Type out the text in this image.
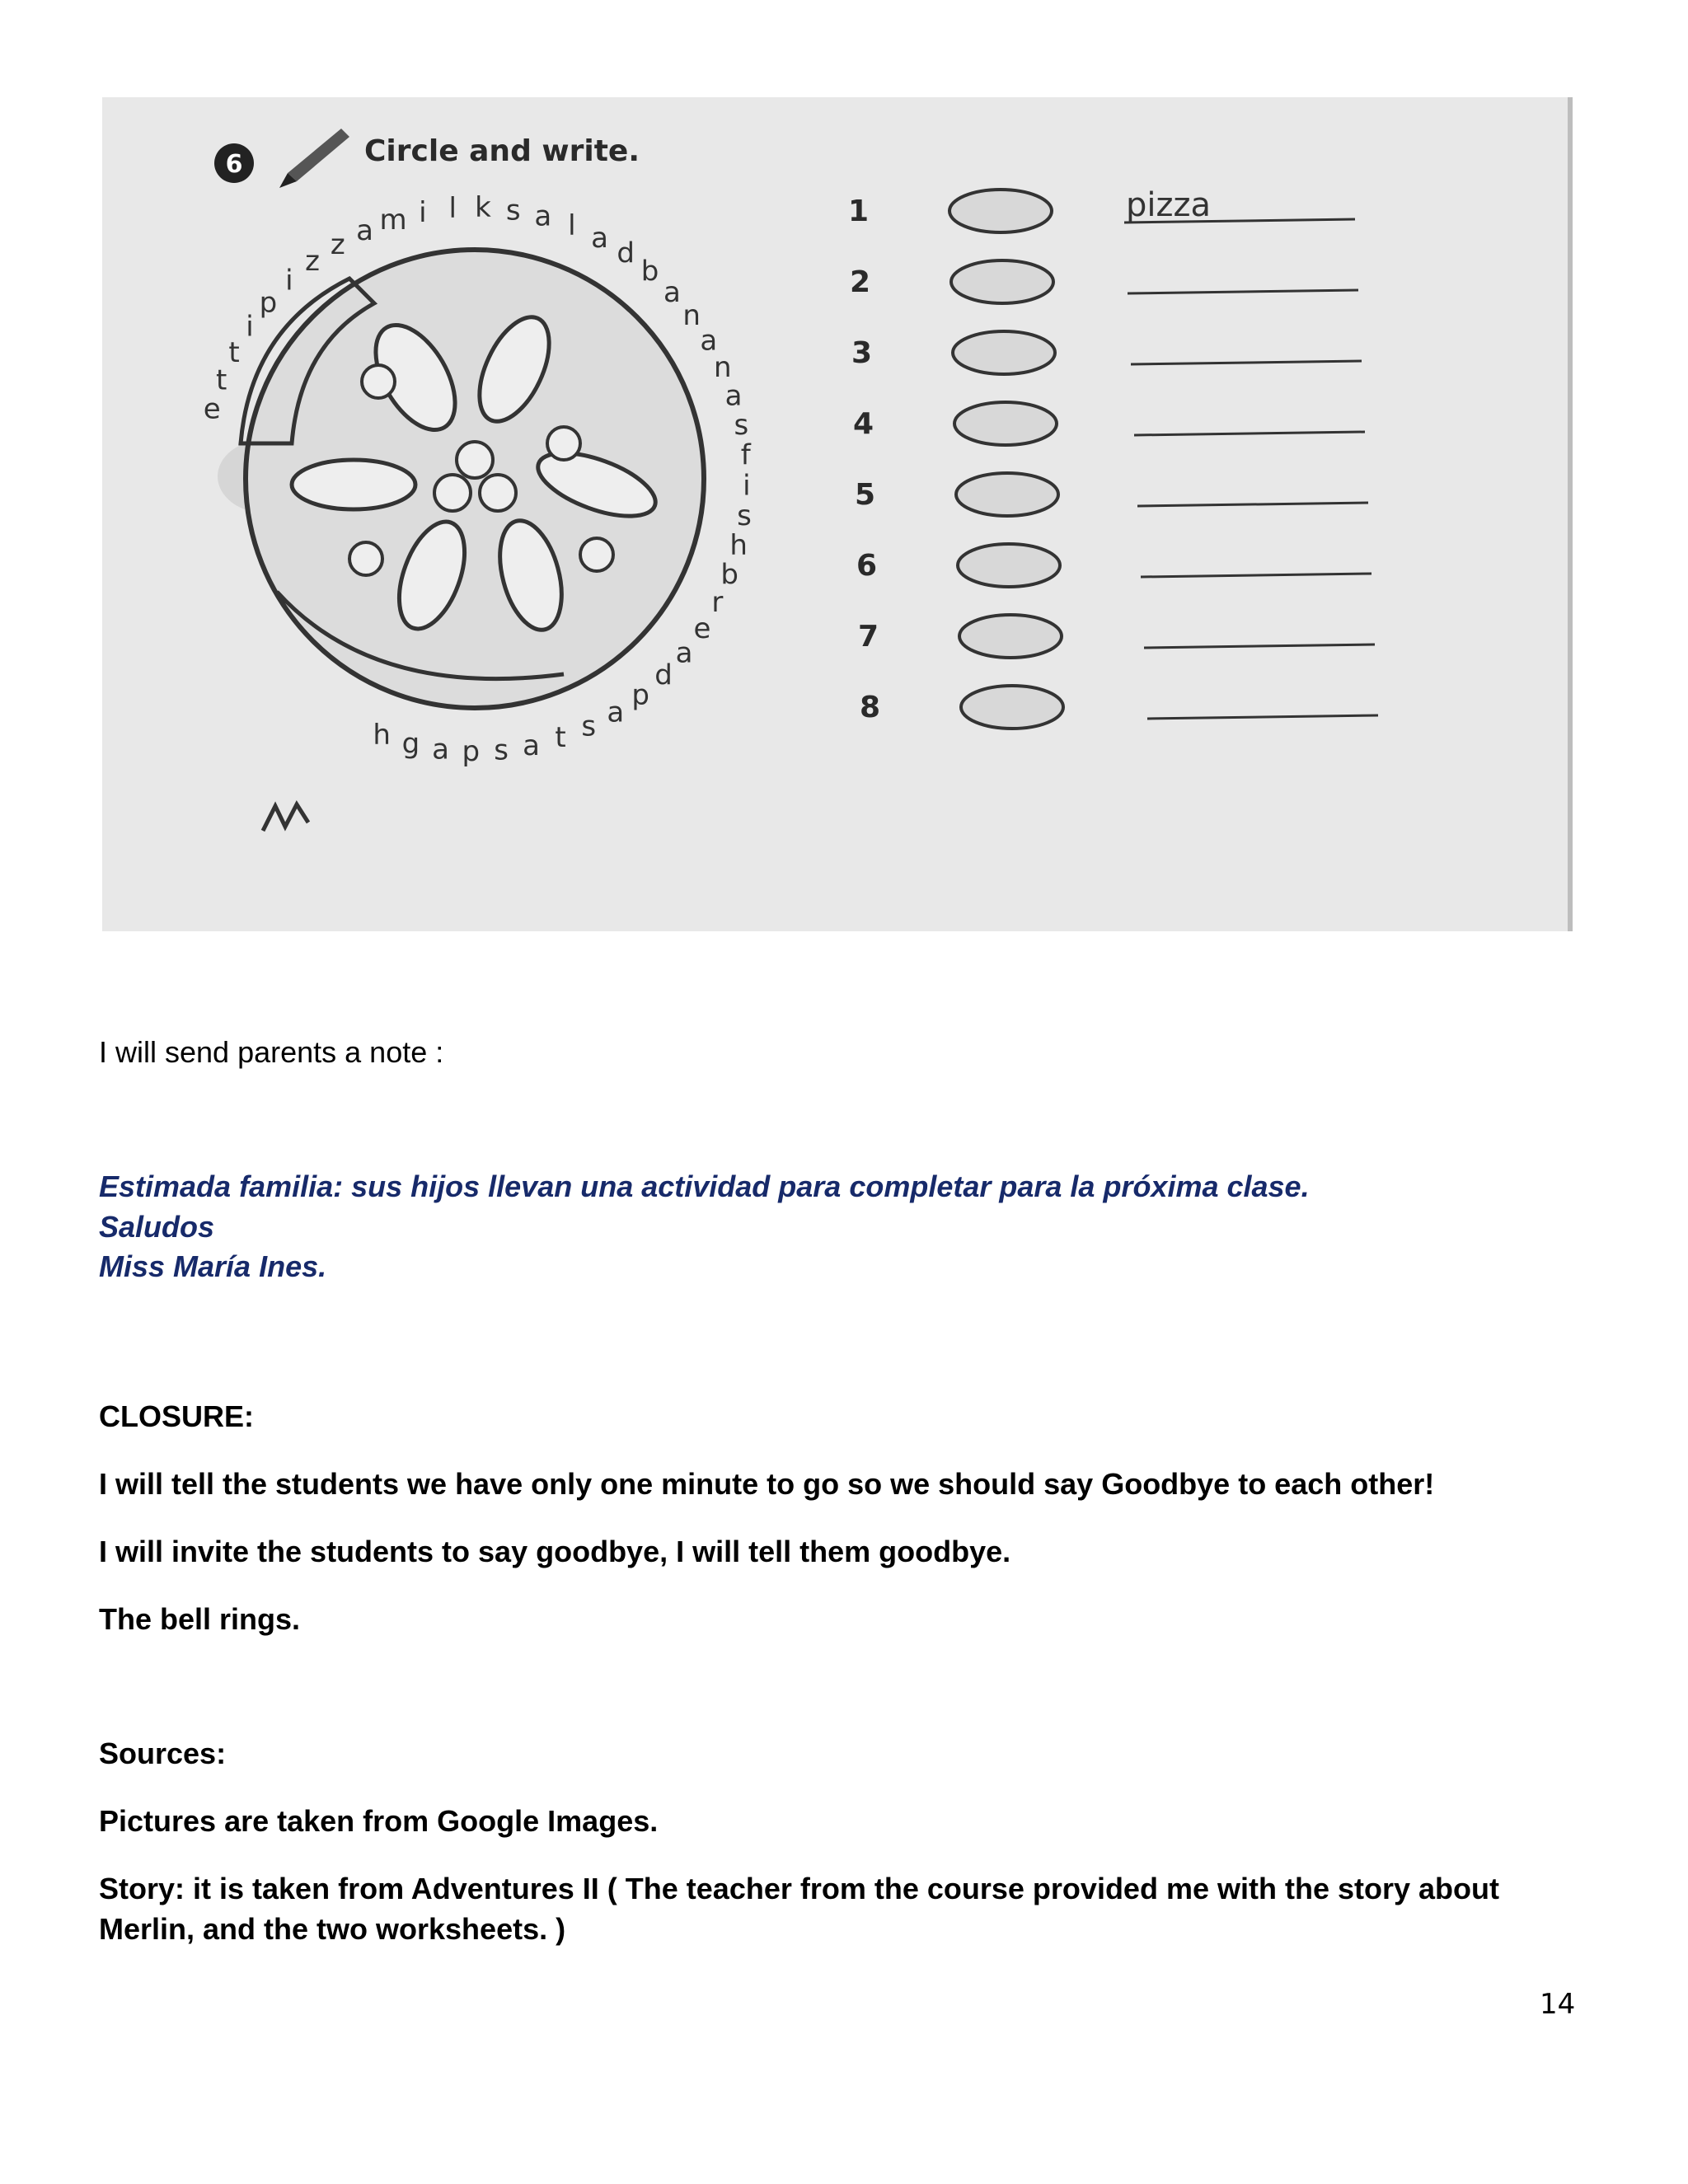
6	Circle and write.
ettipizz a m i l k s a l a dbana n a s f i s h b r e a d p astaspagh
1	pizza
2
3
4
5
6
7
8
I will send parents a note :
Estimada familia: sus hijos llevan una actividad para completar para la próxima clase.
Saludos
Miss María Ines.
CLOSURE:
I will tell the students we have only one minute to go so we should say Goodbye to each other!
I will invite the students to say goodbye, I will tell them goodbye.
The bell rings.
Sources:
Pictures are taken from Google Images.
Story: it is taken from Adventures II ( The teacher from the course provided me with the story about
Merlin, and the two worksheets. )
14
